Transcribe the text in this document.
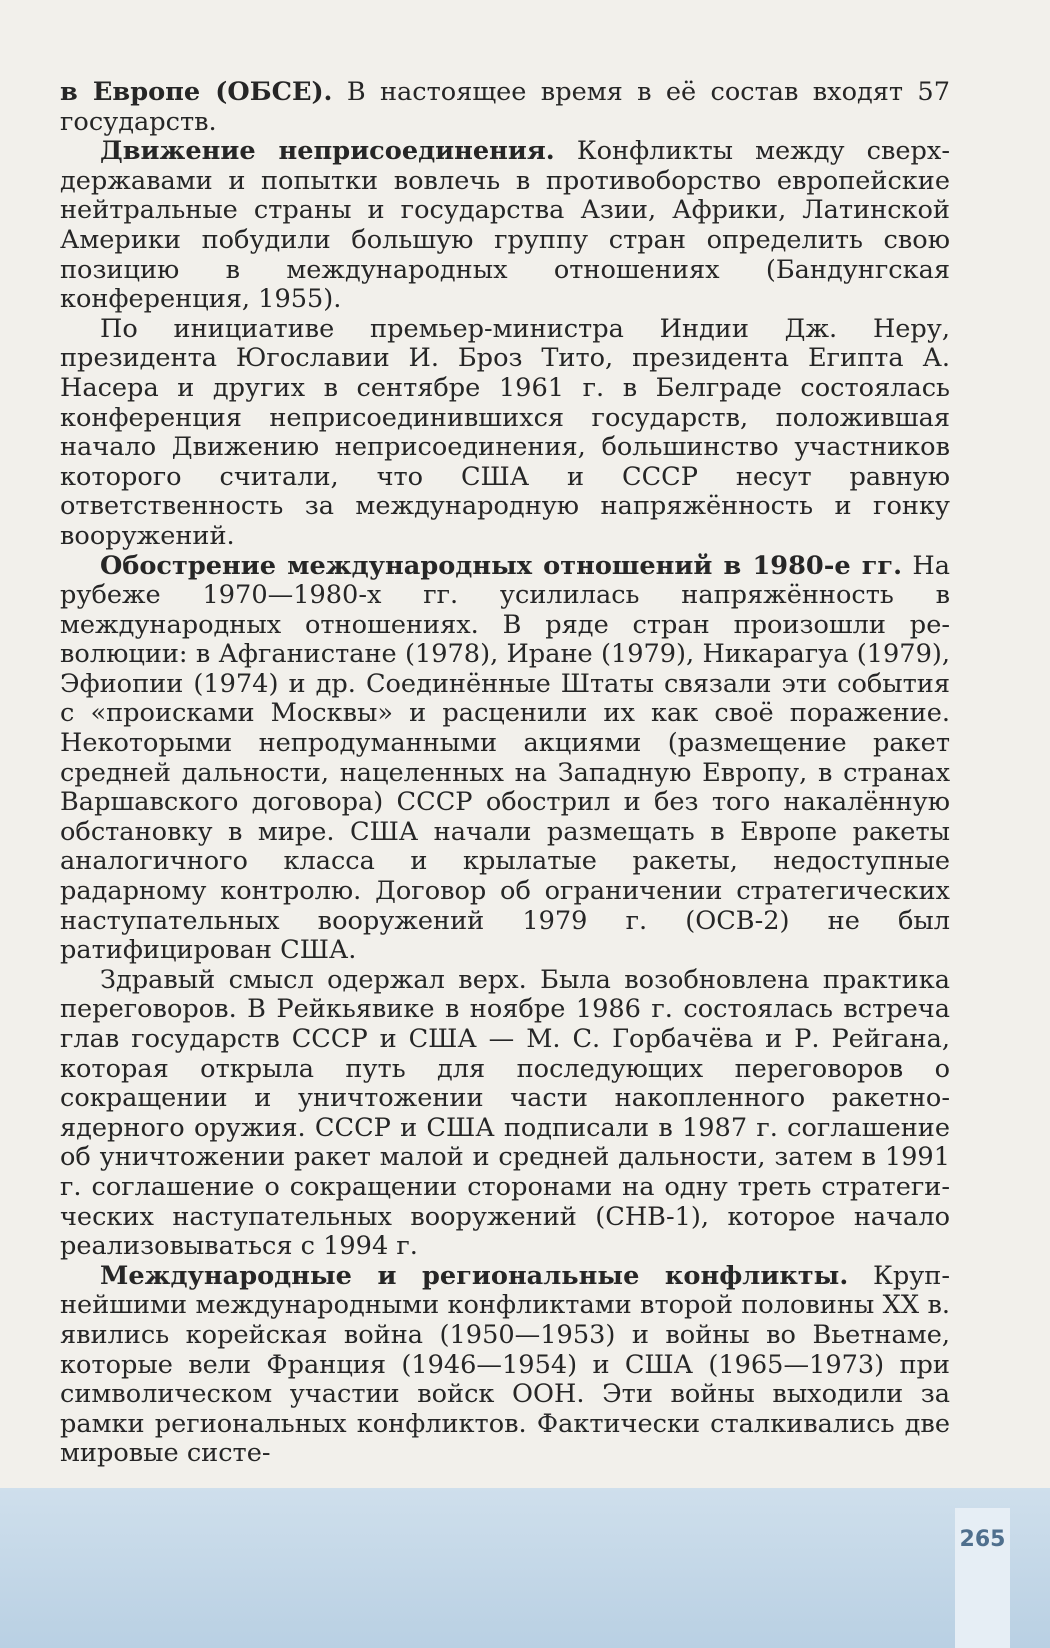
в Европе (ОБСЕ). В настоящее время в её состав входят 57 государств.

Движение неприсоединения. Конфликты между сверхдержавами и попытки вовлечь в противоборство европейские нейтральные страны и государства Азии, Африки, Латинской Америки побудили большую группу стран определить свою позицию в международных отношениях (Бандунгская конференция, 1955).

По инициативе премьер-министра Индии Дж. Неру, президента Югославии И. Броз Тито, президента Египта А. Насера и других в сентябре 1961 г. в Белграде состоялась конференция неприсоединившихся государств, положившая начало Движению неприсоединения, большинство участников которого считали, что США и СССР несут равную ответственность за международную напряжённость и гонку вооружений.

Обострение международных отношений в 1980-е гг. На рубеже 1970—1980-х гг. усилилась напряжённость в международных отношениях. В ряде стран произошли революции: в Афганистане (1978), Иране (1979), Никарагуа (1979), Эфиопии (1974) и др. Соединённые Штаты связали эти события с «происками Москвы» и расценили их как своё поражение. Некоторыми непродуманными акциями (размещение ракет средней дальности, нацеленных на Западную Европу, в странах Варшавского договора) СССР обострил и без того накалённую обстановку в мире. США начали размещать в Европе ракеты аналогичного класса и крылатые ракеты, недоступные радарному контролю. Договор об ограничении стратегических наступательных вооружений 1979 г. (ОСВ-2) не был ратифицирован США.

Здравый смысл одержал верх. Была возобновлена практика переговоров. В Рейкьявике в ноябре 1986 г. состоялась встреча глав государств СССР и США — М. С. Горбачёва и Р. Рейгана, которая открыла путь для последующих переговоров о сокращении и уничтожении части накопленного ракетно-ядерного оружия. СССР и США подписали в 1987 г. соглашение об уничтожении ракет малой и средней дальности, затем в 1991 г. соглашение о сокращении сторонами на одну треть стратегических наступательных вооружений (СНВ-1), которое начало реализовываться с 1994 г.

Международные и региональные конфликты. Крупнейшими международными конфликтами второй половины XX в. явились корейская война (1950—1953) и войны во Вьетнаме, которые вели Франция (1946—1954) и США (1965—1973) при символическом участии войск ООН. Эти войны выходили за рамки региональных конфликтов. Фактически сталкивались две мировые систе-

265
